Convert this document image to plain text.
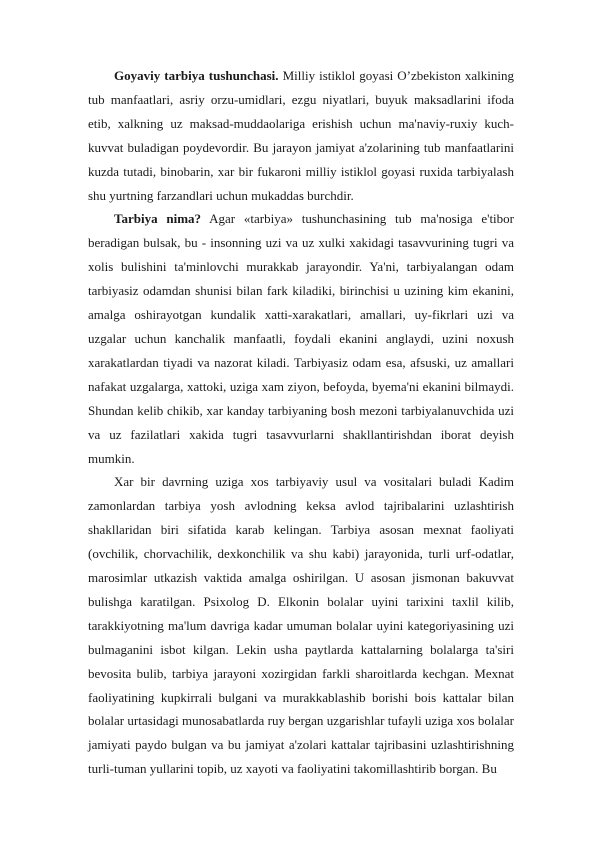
Goyaviy tarbiya tushunchasi. Milliy istiklol goyasi O’zbekiston xalkining tub manfaatlari, asriy orzu-umidlari, ezgu niyatlari, buyuk maksadlarini ifoda etib, xalkning uz maksad-muddaolariga erishish uchun ma'naviy-ruxiy kuch-kuvvat buladigan poydevordir. Bu jarayon jamiyat a'zolarining tub manfaatlarini kuzda tutadi, binobarin, xar bir fukaroni milliy istiklol goyasi ruxida tarbiyalash shu yurtning farzandlari uchun mukaddas burchdir.

Tarbiya nima? Agar «tarbiya» tushunchasining tub ma'nosiga e'tibor beradigan bulsak, bu - insonning uzi va uz xulki xakidagi tasavvurining tugri va xolis bulishini ta'minlovchi murakkab jarayondir. Ya'ni, tarbiyalangan odam tarbiyasiz odamdan shunisi bilan fark kiladiki, birinchisi u uzining kim ekanini, amalga oshirayotgan kundalik xatti-xarakatlari, amallari, uy-fikrlari uzi va uzgalar uchun kanchalik manfaatli, foydali ekanini anglaydi, uzini noxush xarakatlardan tiyadi va nazorat kiladi. Tarbiyasiz odam esa, afsuski, uz amallari nafakat uzgalarga, xattoki, uziga xam ziyon, befoyda, byema'ni ekanini bilmaydi. Shundan kelib chikib, xar kanday tarbiyaning bosh mezoni tarbiyalanuvchida uzi va uz fazilatlari xakida tugri tasavvurlarni shakllantirishdan iborat deyish mumkin.

Xar bir davrning uziga xos tarbiyaviy usul va vositalari buladi Kadim zamonlardan tarbiya yosh avlodning keksa avlod tajribalarini uzlashtirish shakllaridan biri sifatida karab kelingan. Tarbiya asosan mexnat faoliyati (ovchilik, chorvachilik, dexkonchilik va shu kabi) jarayonida, turli urf-odatlar, marosimlar utkazish vaktida amalga oshirilgan. U asosan jismonan bakuvvat bulishga karatilgan. Psixolog D. Elkonin bolalar uyini tarixini taxlil kilib, tarakkiyotning ma'lum davriga kadar umuman bolalar uyini kategoriyasining uzi bulmaganini isbot kilgan. Lekin usha paytlarda kattalarning bolalarga ta'siri bevosita bulib, tarbiya jarayoni xozirgidan farkli sharoitlarda kechgan. Mexnat faoliyatining kupkirrali bulgani va murakkablashib borishi bois kattalar bilan bolalar urtasidagi munosabatlarda ruy bergan uzgarishlar tufayli uziga xos bolalar jamiyati paydo bulgan va bu jamiyat a'zolari kattalar tajribasini uzlashtirishning turli-tuman yullarini topib, uz xayoti va faoliyatini takomillashtirib borgan. Bu
